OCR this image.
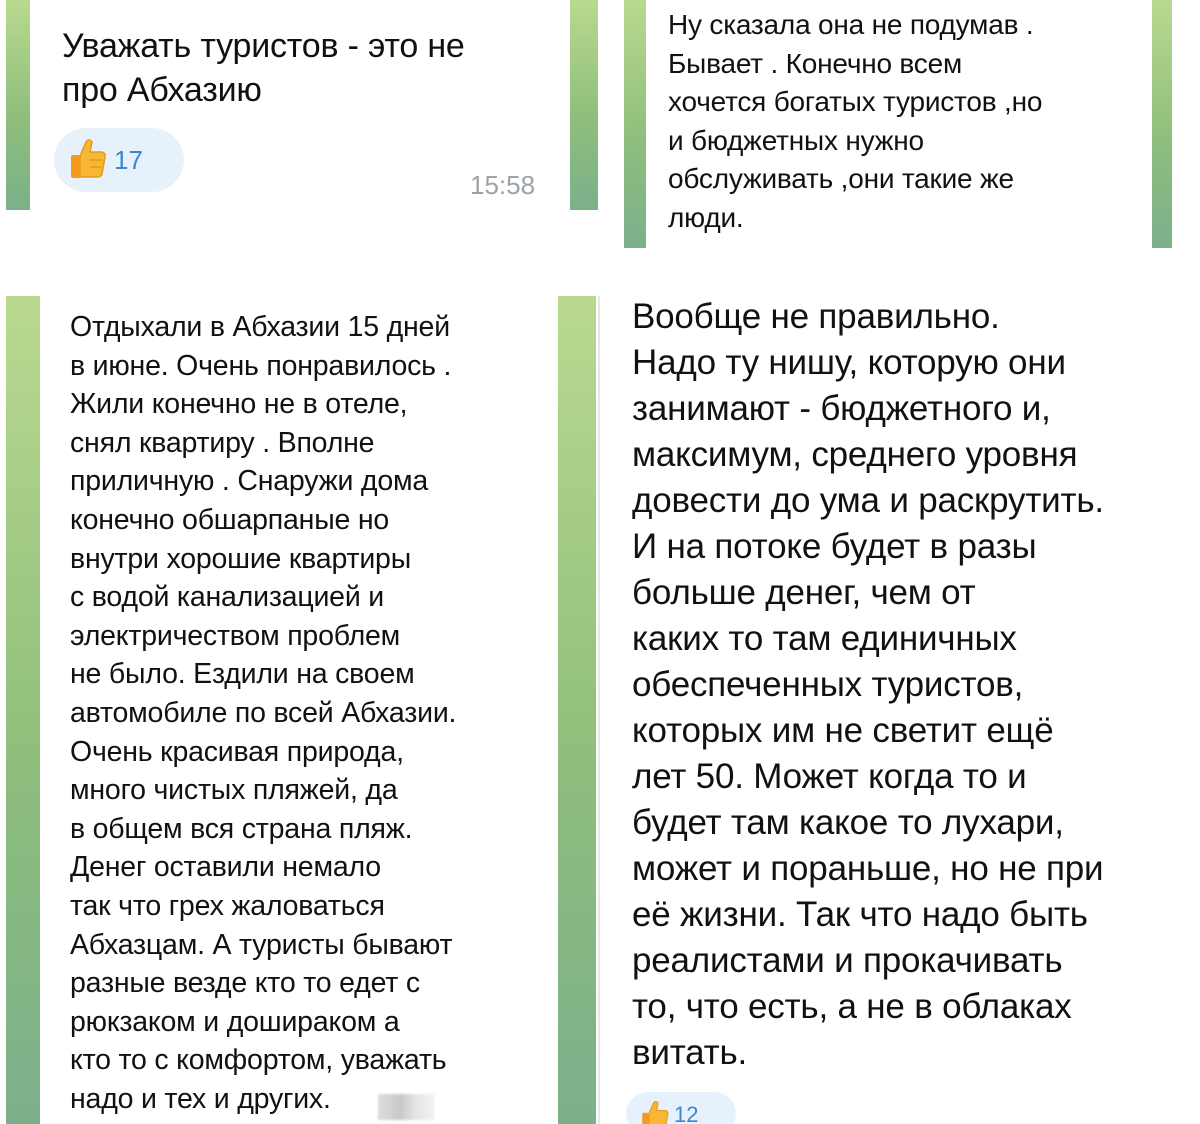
Уважать туристов - это не
про Абхазию
17
15:58
Ну сказала она не подумав .
Бывает . Конечно всем
хочется богатых туристов ,но
и бюджетных нужно
обслуживать ,они такие же
люди.
Отдыхали в Абхазии 15 дней
в июне. Очень понравилось .
Жили конечно не в отеле,
снял квартиру . Вполне
приличную . Снаружи дома
конечно обшарпаные но
внутри хорошие квартиры
с водой канализацией и
электричеством проблем
не было. Ездили на своем
автомобиле по всей Абхазии.
Очень красивая природа,
много чистых пляжей, да
в общем вся страна пляж.
Денег оставили немало
так что грех жаловаться
Абхазцам. А туристы бывают
разные везде кто то едет с
рюкзаком и дошираком а
кто то с комфортом, уважать
надо и тех и других.
Вообще не правильно.
Надо ту нишу, которую они
занимают - бюджетного и,
максимум, среднего уровня
довести до ума и раскрутить.
И на потоке будет в разы
больше денег, чем от
каких то там единичных
обеспеченных туристов,
которых им не светит ещё
лет 50. Может когда то и
будет там какое то лухари,
может и пораньше, но не при
её жизни. Так что надо быть
реалистами и прокачивать
то, что есть, а не в облаках
витать.
12
